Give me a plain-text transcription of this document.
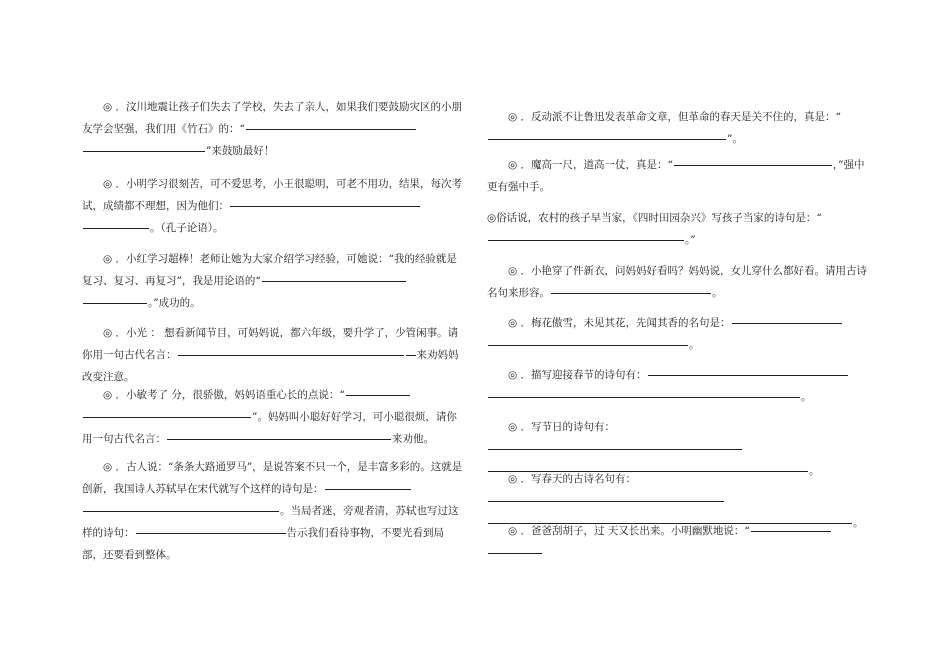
◎ ．汶川地震让孩子们失去了学校，失去了亲人，如果我们要鼓励灾区的小朋友学会坚强，我们用《竹石》的：“”来鼓励最好！
◎ ．小明学习很刻苦，可不爱思考，小王很聪明，可老不用功，结果，每次考试，成绩都不理想，因为他们：。（孔子论语）。
◎ ．小红学习超棒！老师让她为大家介绍学习经验，可她说：“我的经验就是复习、复习、再复习”，我是用论语的“。”成功的。
◎ ．小光 ： 想看新闻节目，可妈妈说，都六年级，要升学了，少管闲事。请你用一句古代名言：	来劝妈妈改变注意。
◎ ．小敏考了 分，很骄傲，妈妈语重心长的点说：“”。妈妈叫小聪好好学习，可小聪很烦，请你用一句古代名言：	来劝他。
◎ ．古人说：“条条大路通罗马”，是说答案不只一个，是丰富多彩的。这就是创新，我国诗人苏轼早在宋代就写个这样的诗句是：。当局者迷，旁观者清，苏轼也写过这样的诗句：	告示我们看待事物，不要光看到局部，还要看到整体。
◎ ．反动派不让鲁迅发表革命文章，但革命的春天是关不住的，真是：“”。
◎ ．魔高一尺，道高一仗，真是：“	，”强中更有强中手。
◎俗话说，农村的孩子早当家，《四时田园杂兴》写孩子当家的诗句是：“。”
◎ ．小艳穿了件新衣，问妈妈好看吗？妈妈说，女儿穿什么都好看。请用古诗名句来形容。	。
◎ ．梅花傲雪，未见其花，先闻其香的名句是：。
◎ ．描写迎接春节的诗句有：。
◎ ．写节日的诗句有：。
◎ ．写春天的古诗名句有：。
◎ ．爸爸刮胡子，过 天又长出来。小明幽默地说：“
